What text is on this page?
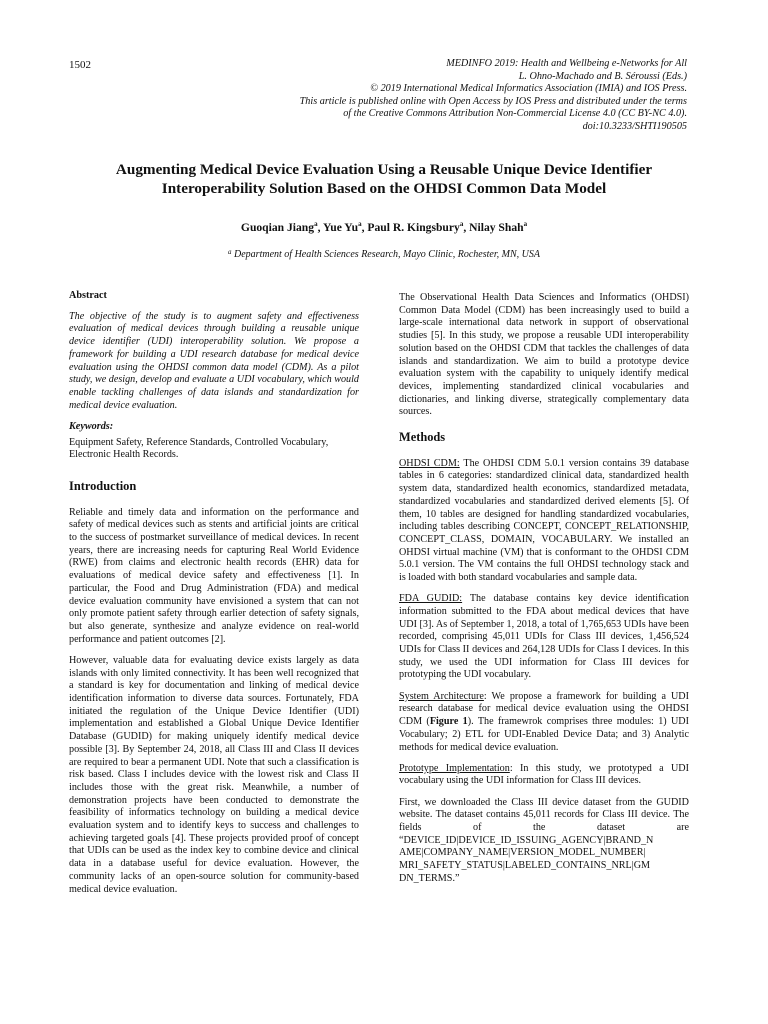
1502	MEDINFO 2019: Health and Wellbeing e-Networks for All
L. Ohno-Machado and B. Séroussi (Eds.)
© 2019 International Medical Informatics Association (IMIA) and IOS Press.
This article is published online with Open Access by IOS Press and distributed under the terms
of the Creative Commons Attribution Non-Commercial License 4.0 (CC BY-NC 4.0).
doi:10.3233/SHTI190505
Augmenting Medical Device Evaluation Using a Reusable Unique Device Identifier
Interoperability Solution Based on the OHDSI Common Data Model
Guoqian Jiang$^a$, Yue Yu$^a$, Paul R. Kingsbury$^a$, Nilay Shah$^a$
$^a$ Department of Health Sciences Research, Mayo Clinic, Rochester, MN, USA
Abstract

The objective of the study is to augment safety and effectiveness evaluation of medical devices through building a reusable unique device identifier (UDI) interoperability solution. We propose a framework for building a UDI research database for medical device evaluation using the OHDSI common data model (CDM). As a pilot study, we design, develop and evaluate a UDI vocabulary, which would enable tackling challenges of data islands and standardization for medical device evaluation.

Keywords:

Equipment Safety, Reference Standards, Controlled Vocabulary, Electronic Health Records.

Introduction

Reliable and timely data and information on the performance and safety of medical devices such as stents and artificial joints are critical to the success of postmarket surveillance of medical devices. In recent years, there are increasing needs for capturing Real World Evidence (RWE) from claims and electronic health records (EHR) data for evaluations of medical device safety and effectiveness [1]. In particular, the Food and Drug Administration (FDA) and medical device evaluation community have envisioned a system that can not only promote patient safety through earlier detection of safety signals, but also generate, synthesize and analyze evidence on real-world performance and patient outcomes [2].

However, valuable data for evaluating device exists largely as data islands with only limited connectivity. It has been well recognized that a standard is key for documentation and linking of medical device identification information to diverse data sources. Fortunately, FDA initiated the regulation of the Unique Device Identifier (UDI) implementation and established a Global Unique Device Identifier Database (GUDID) for making uniquely identify medical device possible [3]. By September 24, 2018, all Class III and Class II devices are required to bear a permanent UDI. Note that such a classification is risk based. Class I includes device with the lowest risk and Class II includes those with the great risk. Meanwhile, a number of demonstration projects have been conducted to demonstrate the feasibility of informatics technology on building a medical device evaluation system and to identify keys to success and challenges to achieving targeted goals [4]. These projects provided proof of concept that UDIs can be used as the index key to combine device and clinical data in a database useful for device evaluation. However, the community lacks of an open-source solution for community-based medical device evaluation.

The Observational Health Data Sciences and Informatics (OHDSI) Common Data Model (CDM) has been increasingly used to build a large-scale international data network in support of observational studies [5]. In this study, we propose a reusable UDI interoperability solution based on the OHDSI CDM that tackles the challenges of data islands and standardization. We aim to build a prototype device evaluation system with the capability to uniquely identify medical devices, implementing standardized clinical vocabularies and dictionaries, and linking diverse, strategically complementary data sources.

Methods

OHDSI CDM: The OHDSI CDM 5.0.1 version contains 39 database tables in 6 categories: standardized clinical data, standardized health system data, standardized health economics, standardized metadata, standardized vocabularies and standardized derived elements [5]. Of them, 10 tables are designed for handling standardized vocabularies, including tables describing CONCEPT, CONCEPT_RELATIONSHIP, CONCEPT_CLASS, DOMAIN, VOCABULARY. We installed an OHDSI virtual machine (VM) that is conformant to the OHDSI CDM 5.0.1 version. The VM contains the full OHDSI technology stack and is loaded with both standard vocabularies and sample data.

FDA GUDID: The database contains key device identification information submitted to the FDA about medical devices that have UDI [3]. As of September 1, 2018, a total of 1,765,653 UDIs have been recorded, comprising 45,011 UDIs for Class III devices, 1,456,524 UDIs for Class II devices and 264,128 UDIs for Class I devices. In this study, we used the UDI information for Class III devices for prototyping the UDI vocabulary.

System Architecture: We propose a framework for building a UDI research database for medical device evaluation using the OHDSI CDM (Figure 1). The framewrok comprises three modules: 1) UDI Vocabulary; 2) ETL for UDI-Enabled Device Data; and 3) Analytic methods for medical device evaluation.

Prototype Implementation: In this study, we prototyped a UDI vocabulary using the UDI information for Class III devices.

First, we downloaded the Class III device dataset from the GUDID website. The dataset contains 45,011 records for Class III device. The fields of the dataset are “DEVICE_ID|DEVICE_ID_ISSUING_AGENCY|BRAND_N AME|COMPANY_NAME|VERSION_MODEL_NUMBER| MRI_SAFETY_STATUS|LABELED_CONTAINS_NRL|GM DN_TERMS.”
